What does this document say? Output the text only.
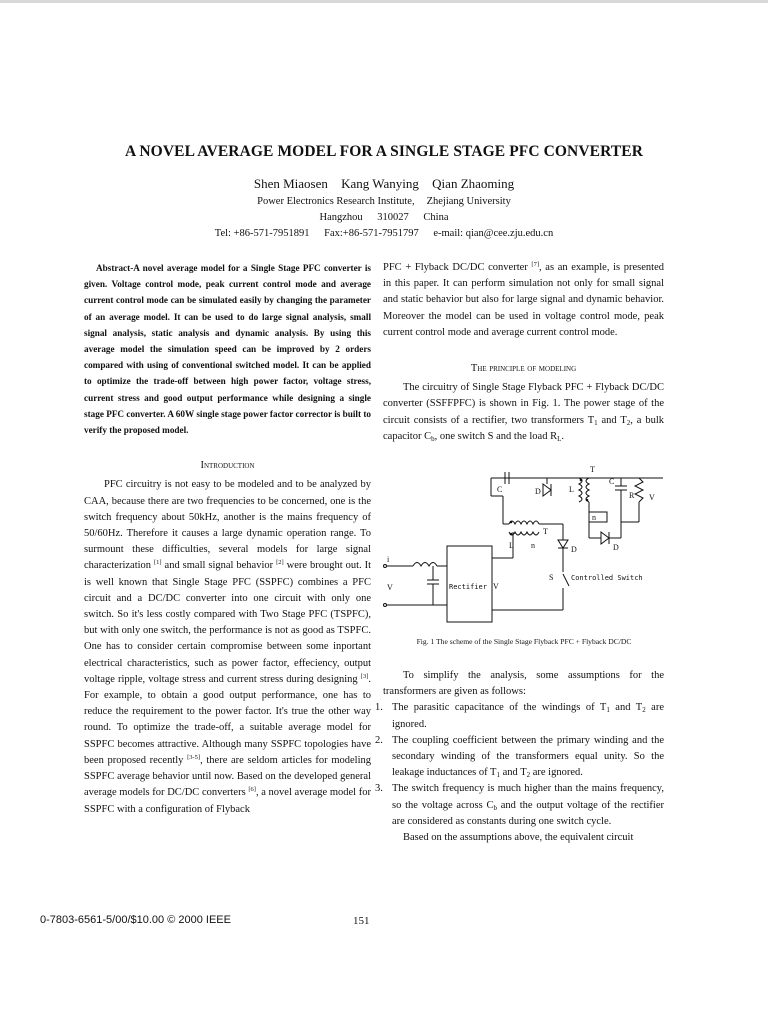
A NOVEL AVERAGE MODEL FOR A SINGLE STAGE PFC CONVERTER
Shen Miaosen Kang Wanying Qian Zhaoming
Power Electronics Research Institute, Zhejiang University
Hangzhou 310027 China
Tel: +86-571-7951891 Fax:+86-571-7951797 e-mail: qian@cee.zju.edu.cn

Abstract-A novel average model for a Single Stage PFC converter is given. Voltage control mode, peak current control mode and average current control mode can be simulated easily by changing the parameter of an average model. It can be used to do large signal analysis, small signal analysis, static analysis and dynamic analysis. By using this average model the simulation speed can be improved by 2 orders compared with using of conventional switched model. It can be applied to optimize the trade-off between high power factor, voltage stress, current stress and good output performance while designing a single stage PFC converter. A 60W single stage power factor corrector is built to verify the proposed model.

Introduction

PFC circuitry is not easy to be modeled and to be analyzed by CAA, because there are two frequencies to be concerned, one is the switch frequency about 50kHz, another is the mains frequency of 50/60Hz. Therefore it causes a large dynamic operation range. To surmount these difficulties, several models for large signal characterization [1] and small signal behavior [2] were brought out. It is well known that Single Stage PFC (SSPFC) combines a PFC circuit and a DC/DC converter into one circuit with only one switch. So it's less costly compared with Two Stage PFC (TSPFC), but with only one switch, the performance is not as good as TSPFC. One has to consider certain compromise between some inportant electrical characteristics, such as power factor, effeciency, output voltage ripple, voltage stress and current stress during designing [3]. For example, to obtain a good output performance, one has to reduce the requirement to the power factor. It's true the other way round. To optimize the trade-off, a suitable average model for SSPFC becomes attractive. Although many SSPFC topologies have been proposed recently [3-5], there are seldom articles for modeling SSPFC average behavior until now. Based on the developed general average models for DC/DC converters [6], a novel average model for SSPFC with a configuration of Flyback

PFC + Flyback DC/DC converter [7], as an example, is presented in this paper. It can perform simulation not only for small signal and static behavior but also for large signal and dynamic behavior. Moreover the model can be used in voltage control mode, peak current control mode and average current control mode.

The principle of modeling

The circuitry of Single Stage Flyback PFC + Flyback DC/DC converter (SSFFPFC) is shown in Fig. 1. The power stage of the circuit consists of a rectifier, two transformers $T_1$ and $T_2$, a bulk capacitor $C_b$, one switch S and the load $R_L$.

Rectifier V
i
V
C	D	L
T
n
C
R V
L n
T
D	D
S	Controlled Switch
Fig. 1 The scheme of the Single Stage Flyback PFC + Flyback DC/DC

To simplify the analysis, some assumptions for the transformers are given as follows:

1. The parasitic capacitance of the windings of $T_1$ and $T_2$ are ignored.

2. The coupling coefficient between the primary winding and the secondary winding of the transformers equal unity. So the leakage inductances of $T_1$ and $T_2$ are ignored.

3. The switch frequency is much higher than the mains frequency, so the voltage across $C_b$ and the output voltage of the rectifier are considered as constants during one switch cycle.

Based on the assumptions above, the equivalent circuit

0-7803-6561-5/00/$10.00 © 2000 IEEE	151
